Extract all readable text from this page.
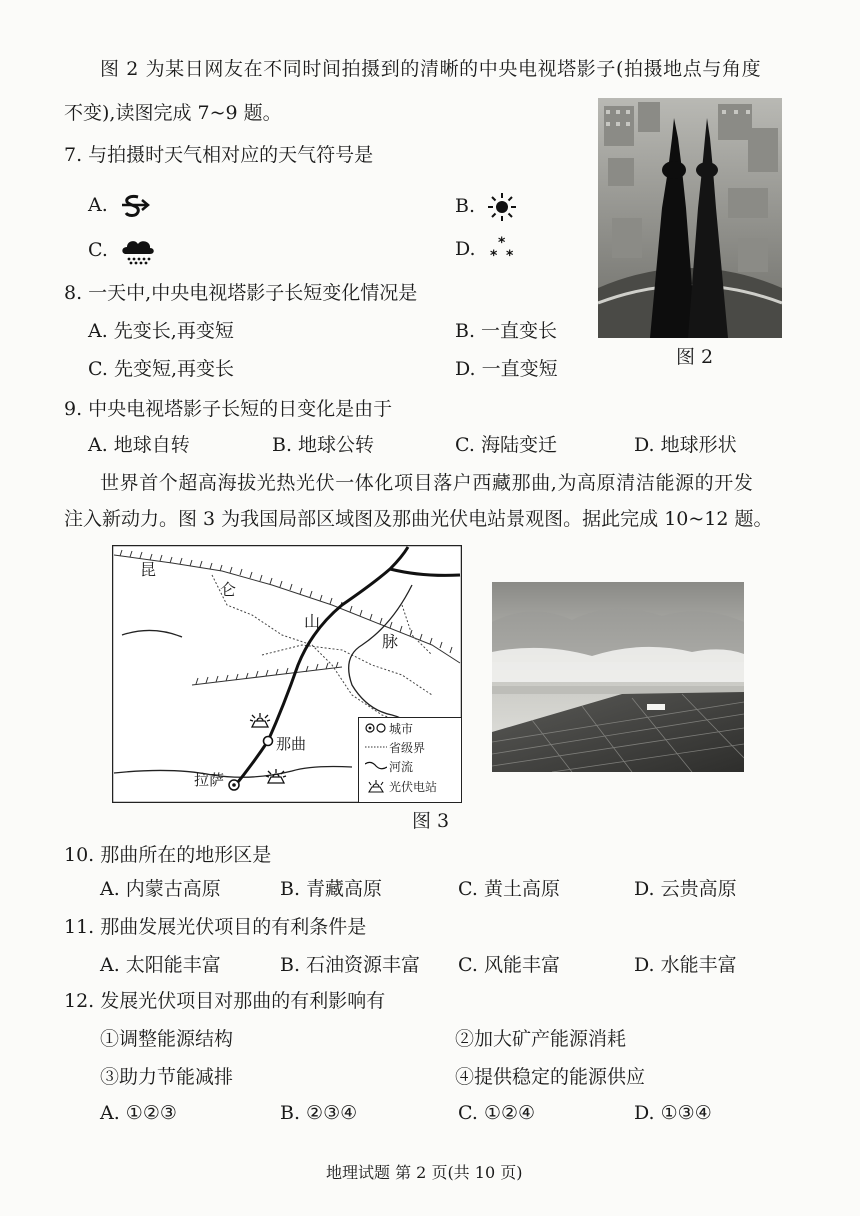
图 2 为某日网友在不同时间拍摄到的清晰的中央电视塔影子(拍摄地点与角度
不变),读图完成 7~9 题。
7. 与拍摄时天气相对应的天气符号是
A.	B.
C.	D. *
* *
8. 一天中,中央电视塔影子长短变化情况是
A. 先变长,再变短	B. 一直变长
C. 先变短,再变长	D. 一直变短
图 2
9. 中央电视塔影子长短的日变化是由于
A. 地球自转	B. 地球公转	C. 海陆变迁	D. 地球形状
世界首个超高海拔光热光伏一体化项目落户西藏那曲,为高原清洁能源的开发
注入新动力。图 3 为我国局部区域图及那曲光伏电站景观图。据此完成 10~12 题。
昆
仑
山
脉
那曲
拉萨
城市
省级界
河流
光伏电站
图 3
10. 那曲所在的地形区是
A. 内蒙古高原	B. 青藏高原	C. 黄土高原	D. 云贵高原
11. 那曲发展光伏项目的有利条件是
A. 太阳能丰富	B. 石油资源丰富 C. 风能丰富	D. 水能丰富
12. 发展光伏项目对那曲的有利影响有
①调整能源结构	②加大矿产能源消耗
③助力节能减排	④提供稳定的能源供应
A. ①②③	B. ②③④	C. ①②④	D. ①③④
地理试题 第 2 页(共 10 页)
